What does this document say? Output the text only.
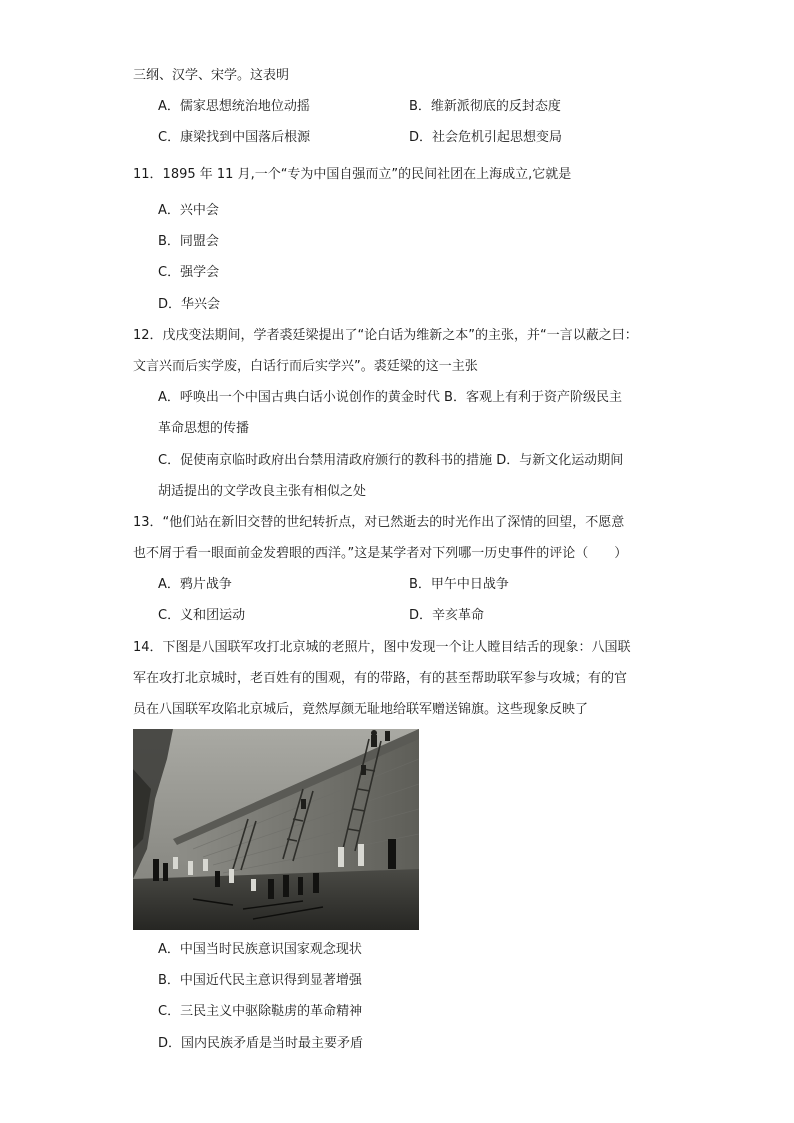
三纲、汉学、宋学。这表明
A．儒家思想统治地位动摇	B．维新派彻底的反封态度
C．康梁找到中国落后根源	D．社会危机引起思想变局
11．1895 年 11 月,一个“专为中国自强而立”的民间社团在上海成立,它就是
A．兴中会
B．同盟会
C．强学会
D．华兴会
12．戊戌变法期间，学者裘廷梁提出了“论白话为维新之本”的主张，并“一言以蔽之曰：
文言兴而后实学废，白话行而后实学兴”。裘廷梁的这一主张
A．呼唤出一个中国古典白话小说创作的黄金时代 B．客观上有利于资产阶级民主
革命思想的传播
C．促使南京临时政府出台禁用清政府颁行的教科书的措施 D．与新文化运动期间
胡适提出的文学改良主张有相似之处
13．“他们站在新旧交替的世纪转折点，对已然逝去的时光作出了深情的回望，不愿意
也不屑于看一眼面前金发碧眼的西洋。”这是某学者对下列哪一历史事件的评论（　　）
A．鸦片战争	B．甲午中日战争
C．义和团运动	D．辛亥革命
14．下图是八国联军攻打北京城的老照片，图中发现一个让人瞠目结舌的现象：八国联
军在攻打北京城时，老百姓有的围观，有的带路，有的甚至帮助联军参与攻城；有的官
员在八国联军攻陷北京城后，竟然厚颜无耻地给联军赠送锦旗。这些现象反映了
A．中国当时民族意识国家观念现状
B．中国近代民主意识得到显著增强
C．三民主义中驱除鞑虏的革命精神
D．国内民族矛盾是当时最主要矛盾
